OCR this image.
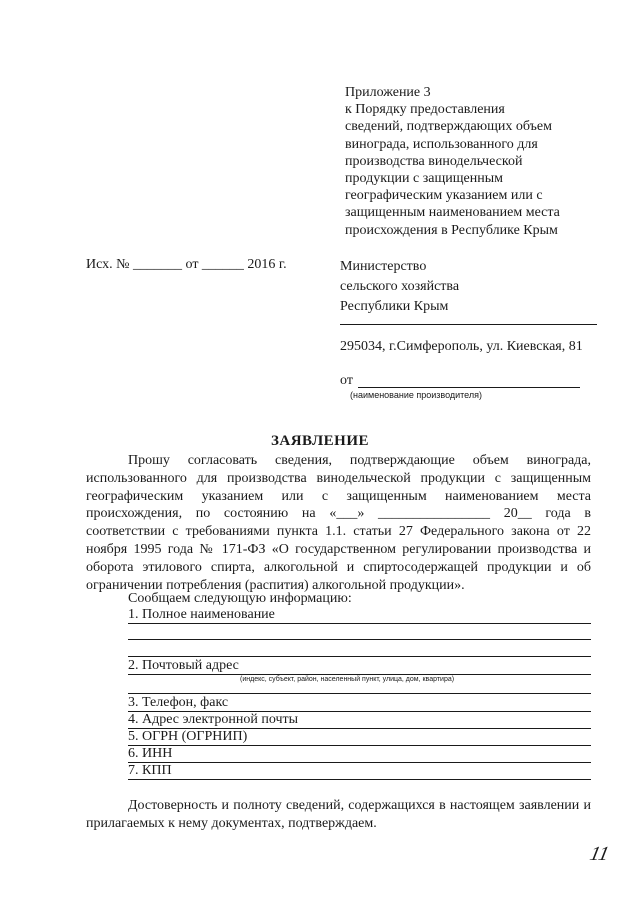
Приложение 3
к Порядку предоставления
сведений, подтверждающих объем
винограда, использованного для
производства винодельческой
продукции с защищенным
географическим указанием или с
защищенным наименованием места
происхождения в Республике Крым
Исх. № _______ от ______ 2016 г.	Министерство
сельского хозяйства
Республики Крым
295034, г.Симферополь, ул. Киевская, 81
от
(наименование производителя)
ЗАЯВЛЕНИЕ
Прошу согласовать сведения, подтверждающие объем винограда, использованного для производства винодельческой продукции с защищенным географическим указанием или с защищенным наименованием места происхождения, по состоянию на «___» ________________ 20__ года в соответствии с требованиями пункта 1.1. статьи 27 Федерального закона от 22 ноября 1995 года № 171-ФЗ «О государственном регулировании производства и оборота этилового спирта, алкогольной и спиртосодержащей продукции и об ограничении потребления (распития) алкогольной продукции».
Сообщаем следующую информацию:
1. Полное наименование
2. Почтовый адрес
(индекс, субъект, район, населенный пункт, улица, дом, квартира)
3. Телефон, факс
4. Адрес электронной почты
5. ОГРН (ОГРНИП)
6. ИНН
7. КПП
Достоверность и полноту сведений, содержащихся в настоящем заявлении и прилагаемых к нему документах, подтверждаем.
11
